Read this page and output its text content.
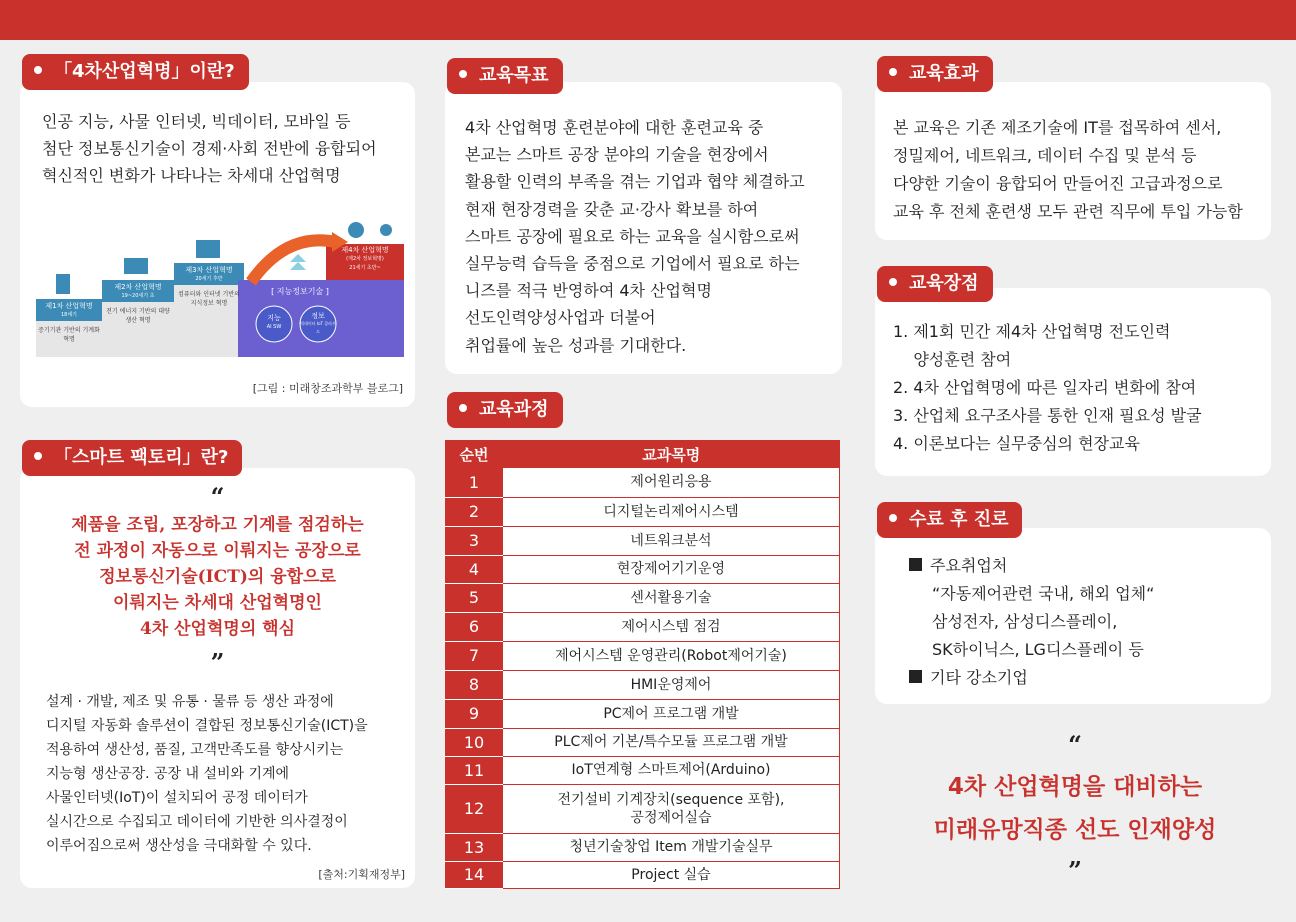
인공 지능, 사물 인터넷, 빅데이터, 모바일 등
첨단 정보통신기술이 경제·사회 전반에 융합되어
혁신적인 변화가 나타나는 차세대 산업혁명
제1차 산업혁명
18세기
증기기관 기반의 기계화혁명
제2차 산업혁명
19~20세기 초
전기 에너지 기반의 대량생산 혁명
제3차 산업혁명
20세기 후반
컴퓨터와 인터넷 기반의 지식정보 혁명
제4차 산업혁명
(제2차 정보혁명)
21세기 초반~
[ 지능정보기술 ]
지능
AI SW
정보
빅데이터 IoT 클라우드
[그림 : 미래창조과학부 블로그]
「4차산업혁명」이란?
“
제품을 조립, 포장하고 기계를 점검하는
전 과정이 자동으로 이뤄지는 공장으로
정보통신기술(ICT)의 융합으로
이뤄지는 차세대 산업혁명인
4차 산업혁명의 핵심
”
설계 · 개발, 제조 및 유통 · 물류 등 생산 과정에
디지털 자동화 솔루션이 결합된 정보통신기술(ICT)을
적용하여 생산성, 품질, 고객만족도를 향상시키는
지능형 생산공장. 공장 내 설비와 기계에
사물인터넷(IoT)이 설치되어 공정 데이터가
실시간으로 수집되고 데이터에 기반한 의사결정이
이루어짐으로써 생산성을 극대화할 수 있다.
[출처:기획재정부]
「스마트 팩토리」란?
4차 산업혁명 훈련분야에 대한 훈련교육 중
본교는 스마트 공장 분야의 기술을 현장에서
활용할 인력의 부족을 겪는 기업과 협약 체결하고
현재 현장경력을 갖춘 교·강사 확보를 하여
스마트 공장에 필요로 하는 교육을 실시함으로써
실무능력 습득을 중점으로 기업에서 필요로 하는
니즈를 적극 반영하여 4차 산업혁명
선도인력양성사업과 더불어
취업률에 높은 성과를 기대한다.
교육목표
교육과정
순번	교과목명
1	제어원리응용
2	디지털논리제어시스템
3	네트워크분석
4	현장제어기기운영
5	센서활용기술
6	제어시스템 점검
7	제어시스템 운영관리(Robot제어기술)
8	HMI운영제어
9	PC제어 프로그램 개발
10	PLC제어 기본/특수모듈 프로그램 개발
11	IoT연계형 스마트제어(Arduino)
12	전기설비 기계장치(sequence 포함),
공정제어실습
13	청년기술창업 Item 개발기술실무
14	Project 실습
본 교육은 기존 제조기술에 IT를 접목하여 센서,
정밀제어, 네트워크, 데이터 수집 및 분석 등
다양한 기술이 융합되어 만들어진 고급과정으로
교육 후 전체 훈련생 모두 관련 직무에 투입 가능함
교육효과
1. 제1회 민간 제4차 산업혁명 전도인력
양성훈련 참여
2. 4차 산업혁명에 따른 일자리 변화에 참여
3. 산업체 요구조사를 통한 인재 필요성 발굴
4. 이론보다는 실무중심의 현장교육
교육장점
주요취업처
“자동제어관련 국내, 해외 업체“
삼성전자, 삼성디스플레이,
SK하이닉스, LG디스플레이 등
기타 강소기업
수료 후 진로
“
4차 산업혁명을 대비하는
미래유망직종 선도 인재양성
”
